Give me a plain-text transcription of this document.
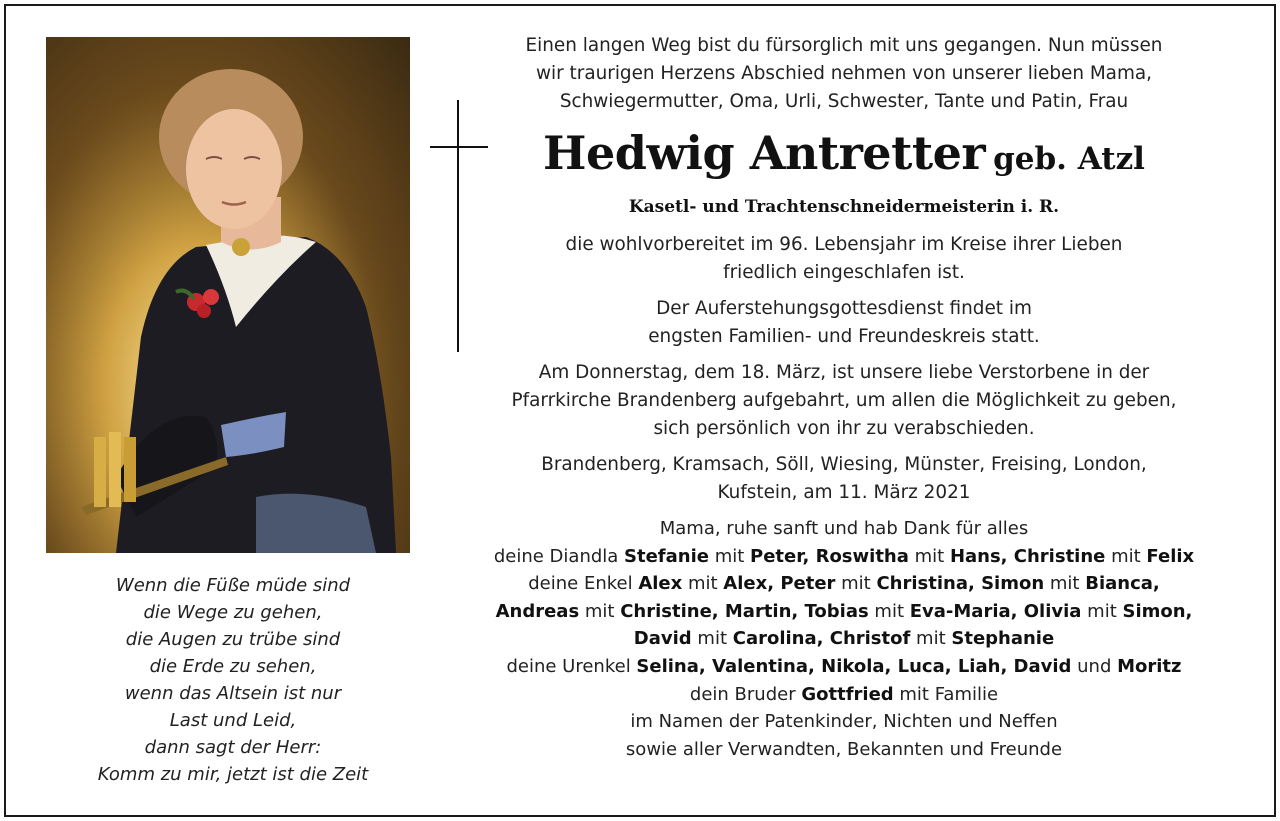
Wenn die Füße müde sind
die Wege zu gehen,
die Augen zu trübe sind
die Erde zu sehen,
wenn das Altsein ist nur
Last und Leid,
dann sagt der Herr:
Komm zu mir, jetzt ist die Zeit
Einen langen Weg bist du fürsorglich mit uns gegangen. Nun müssen
wir traurigen Herzens Abschied nehmen von unserer lieben Mama,
Schwiegermutter, Oma, Urli, Schwester, Tante und Patin, Frau
Hedwig Antretter geb. Atzl
Kasetl- und Trachtenschneidermeisterin i. R.
die wohlvorbereitet im 96. Lebensjahr im Kreise ihrer Lieben
friedlich eingeschlafen ist.
Der Auferstehungsgottesdienst findet im
engsten Familien- und Freundeskreis statt.
Am Donnerstag, dem 18. März, ist unsere liebe Verstorbene in der
Pfarrkirche Brandenberg aufgebahrt, um allen die Möglichkeit zu geben,
sich persönlich von ihr zu verabschieden.
Brandenberg, Kramsach, Söll, Wiesing, Münster, Freising, London,
Kufstein, am 11. März 2021
Mama, ruhe sanft und hab Dank für alles
deine Diandla Stefanie mit Peter, Roswitha mit Hans, Christine mit Felix
deine Enkel Alex mit Alex, Peter mit Christina, Simon mit Bianca,
Andreas mit Christine, Martin, Tobias mit Eva-Maria, Olivia mit Simon,
David mit Carolina, Christof mit Stephanie
deine Urenkel Selina, Valentina, Nikola, Luca, Liah, David und Moritz
dein Bruder Gottfried mit Familie
im Namen der Patenkinder, Nichten und Neffen
sowie aller Verwandten, Bekannten und Freunde
